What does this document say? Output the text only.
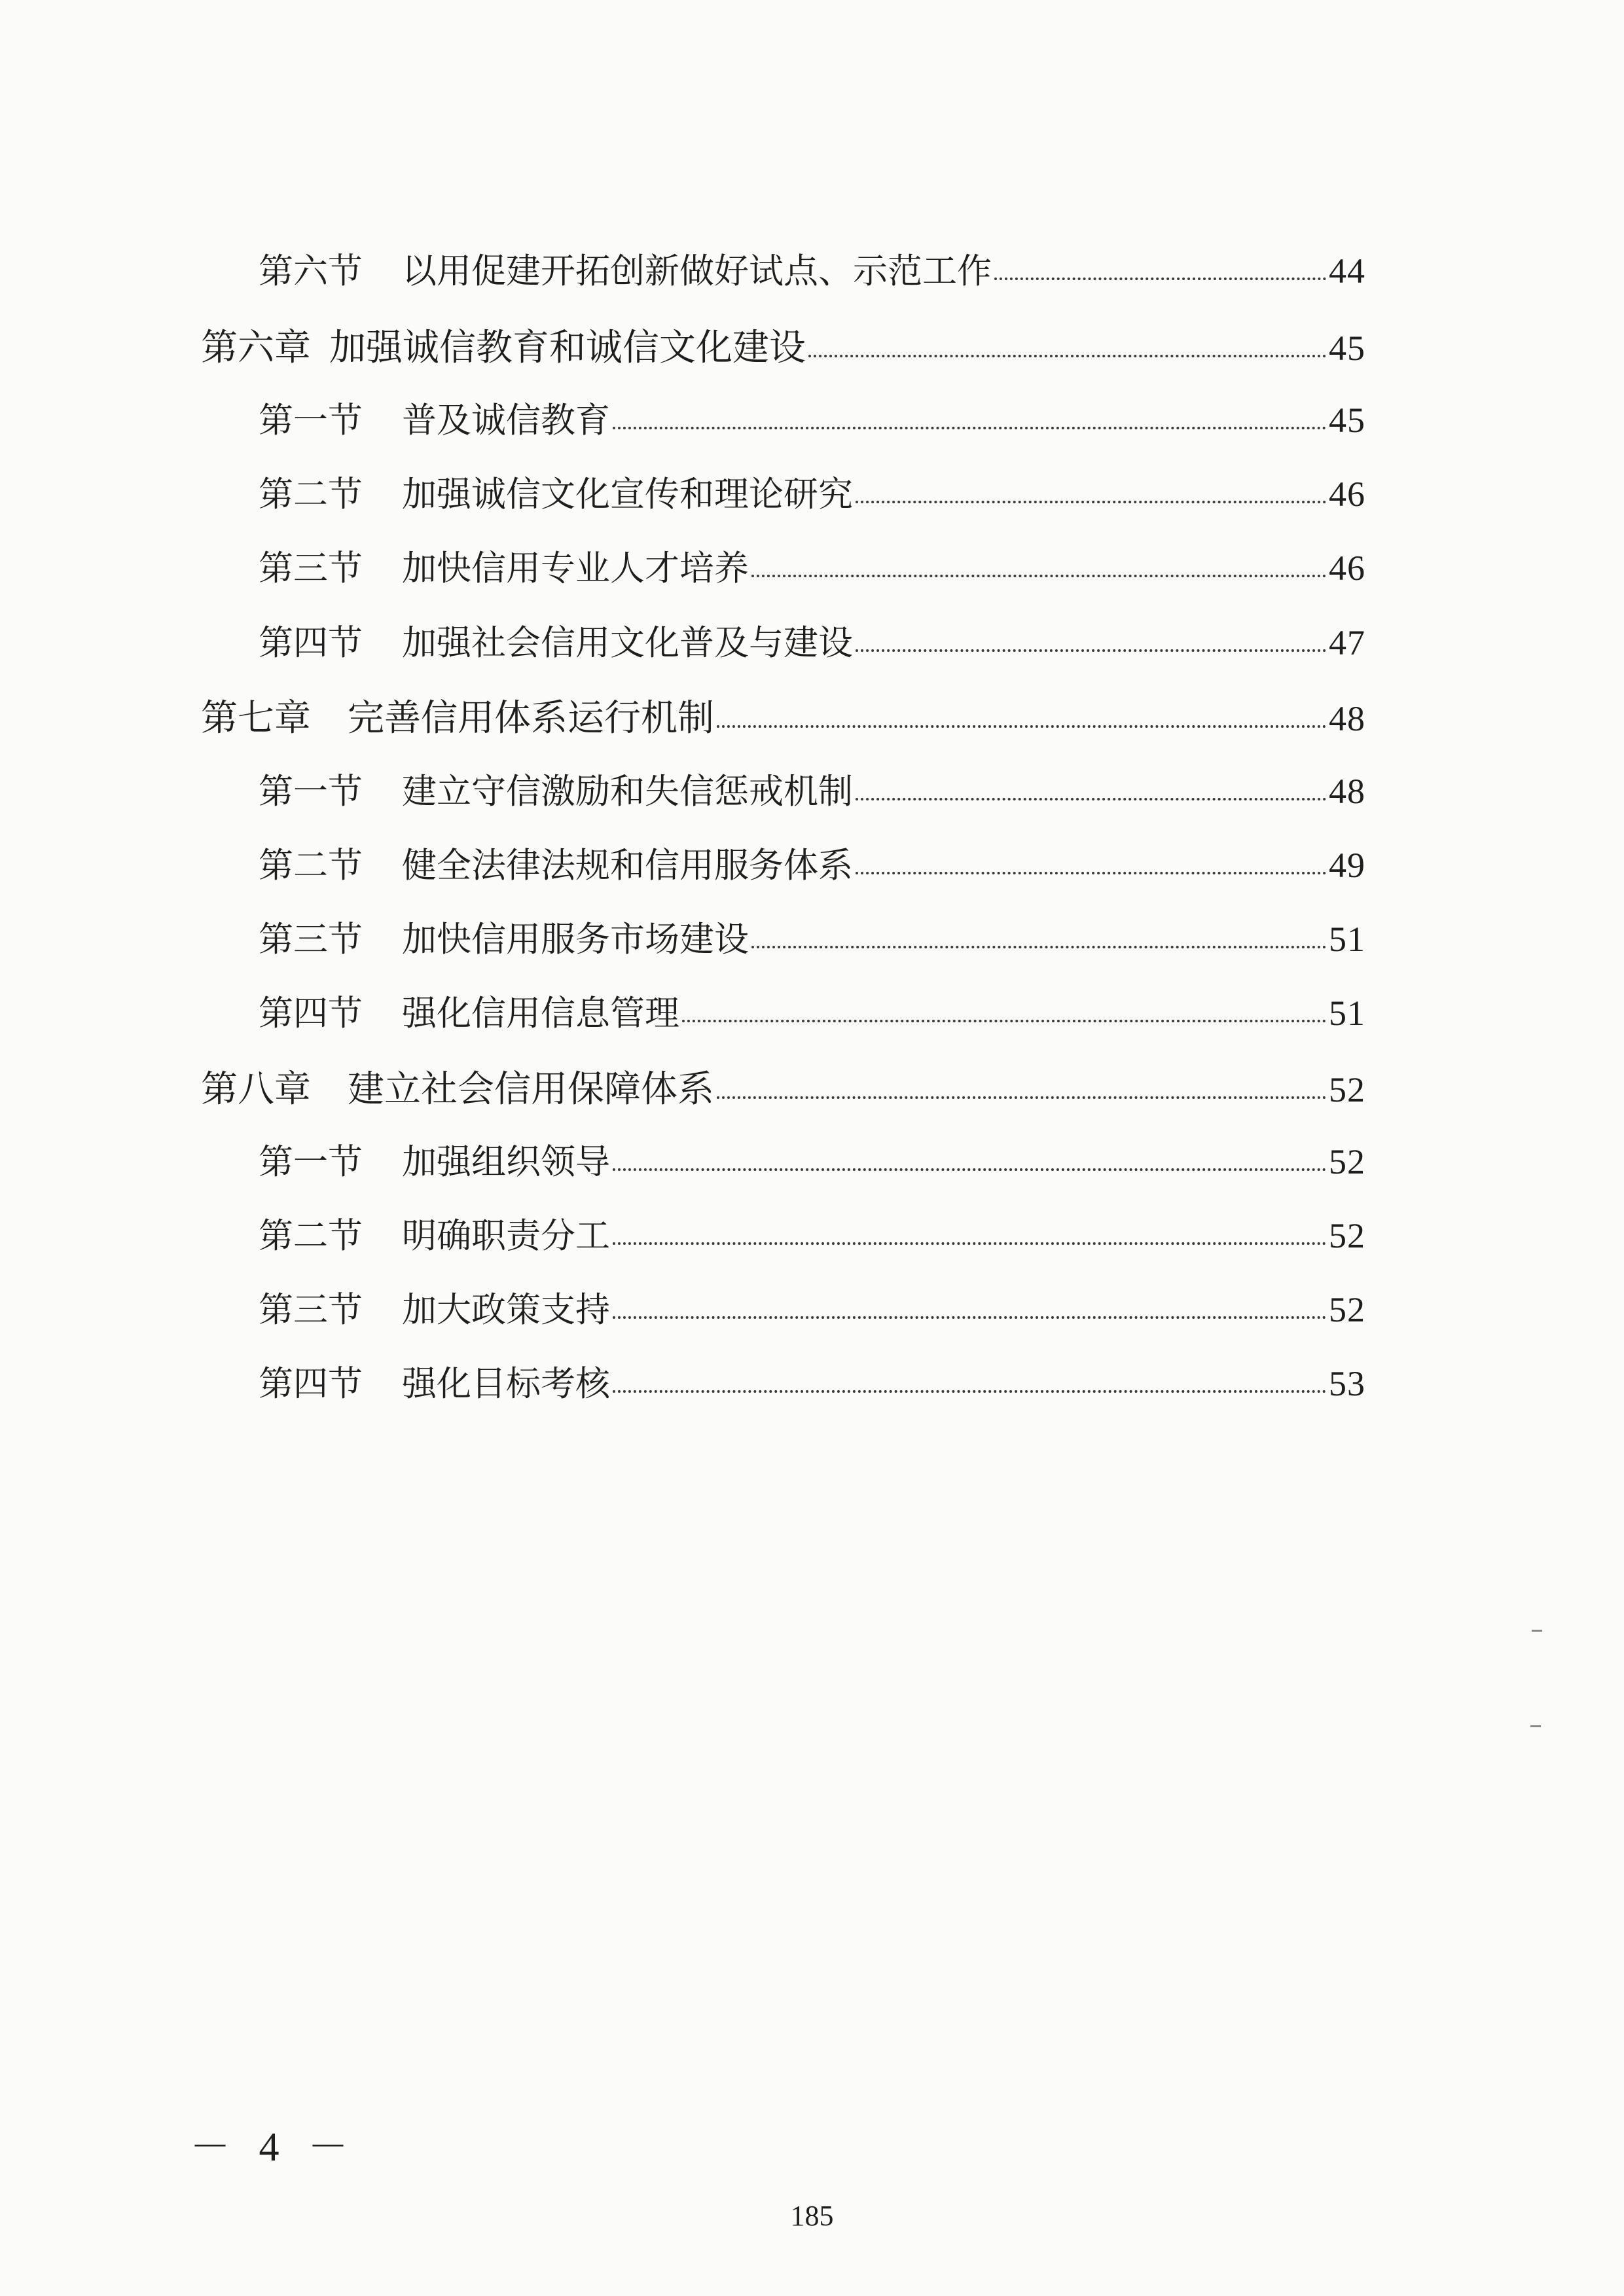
第六节 以用促建开拓创新做好试点、示范工作	44
第六章 加强诚信教育和诚信文化建设	45
第一节 普及诚信教育	45
第二节 加强诚信文化宣传和理论研究	46
第三节 加快信用专业人才培养	46
第四节 加强社会信用文化普及与建设	47
第七章 完善信用体系运行机制	48
第一节 建立守信激励和失信惩戒机制	48
第二节 健全法律法规和信用服务体系	49
第三节 加快信用服务市场建设	51
第四节 强化信用信息管理	51
第八章 建立社会信用保障体系	52
第一节 加强组织领导	52
第二节 明确职责分工	52
第三节 加大政策支持	52
第四节 强化目标考核	53
－ 4 －
185
